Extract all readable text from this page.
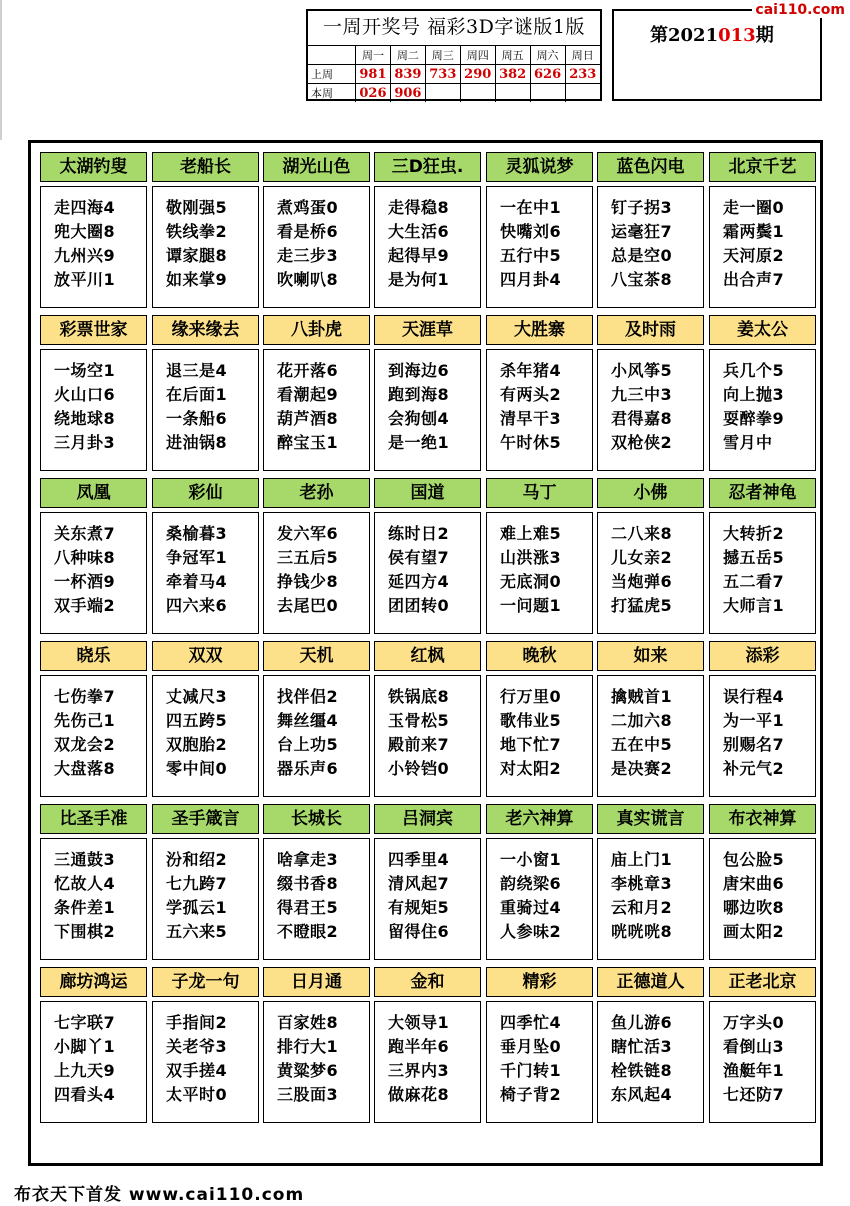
一周开奖号 福彩3D字谜版1版
	周一	周二	周三	周四	周五	周六	周日
上周	981	839	733	290	382	626	233
本周	026	906					
第2021013期
cai110.com
太湖钓叟
走四海4
兜大圈8
九州兴9
放平川1
老船长
敬刚强5
铁线拳2
谭家腿8
如来掌9
湖光山色
煮鸡蛋0
看是桥6
走三步3
吹喇叭8
三D狂虫.
走得稳8
大生活6
起得早9
是为何1
灵狐说梦
一在中1
快嘴刘6
五行中5
四月卦4
蓝色闪电
钉子拐3
运毫狂7
总是空0
八宝茶8
北京千艺
走一圈0
霜两鬓1
天河原2
出合声7
彩票世家
一场空1
火山口6
绕地球8
三月卦3
缘来缘去
退三是4
在后面1
一条船6
进油锅8
八卦虎
花开落6
看潮起9
葫芦酒8
醉宝玉1
天涯草
到海边6
跑到海8
会狗刨4
是一绝1
大胜寨
杀年猪4
有两头2
清早干3
午时休5
及时雨
小风筝5
九三中3
君得嘉8
双枪侠2
姜太公
兵几个5
向上抛3
耍醉拳9
雪月中
凤凰
关东煮7
八种味8
一杯酒9
双手端2
彩仙
桑榆暮3
争冠军1
牵着马4
四六来6
老孙
发六军6
三五后5
挣钱少8
去尾巴0
国道
练时日2
侯有望7
延四方4
团团转0
马丁
难上难5
山洪涨3
无底洞0
一问题1
小佛
二八来8
儿女亲2
当炮弹6
打猛虎5
忍者神龟
大转折2
撼五岳5
五二看7
大师言1
晓乐
七伤拳7
先伤己1
双龙会2
大盘落8
双双
丈减尺3
四五跨5
双胞胎2
零中间0
天机
找伴侣2
舞丝缰4
台上功5
器乐声6
红枫
铁锅底8
玉骨松5
殿前来7
小铃铛0
晚秋
行万里0
歌伟业5
地下忙7
对太阳2
如来
擒贼首1
二加六8
五在中5
是决赛2
添彩
误行程4
为一平1
别赐名7
补元气2
比圣手准
三通鼓3
忆故人4
条件差1
下围棋2
圣手箴言
汾和绍2
七九跨7
学孤云1
五六来5
长城长
啥拿走3
缀书香8
得君王5
不瞪眼2
吕洞宾
四季里4
清风起7
有规矩5
留得住6
老六神算
一小窗1
韵绕梁6
重骑过4
人参味2
真实谎言
庙上门1
李桃章3
云和月2
咣咣咣8
布衣神算
包公脸5
唐宋曲6
哪边吹8
画太阳2
廊坊鸿运
七字联7
小脚丫1
上九天9
四看头4
子龙一句
手指间2
关老爷3
双手搓4
太平时0
日月通
百家姓8
排行大1
黄粱梦6
三股面3
金和
大领导1
跑半年6
三界内3
做麻花8
精彩
四季忙4
垂月坠0
千门转1
椅子背2
正德道人
鱼儿游6
瞎忙活3
栓铁链8
东风起4
正老北京
万字头0
看倒山3
渔艇年1
七还防7
布衣天下首发 www.cai110.com
